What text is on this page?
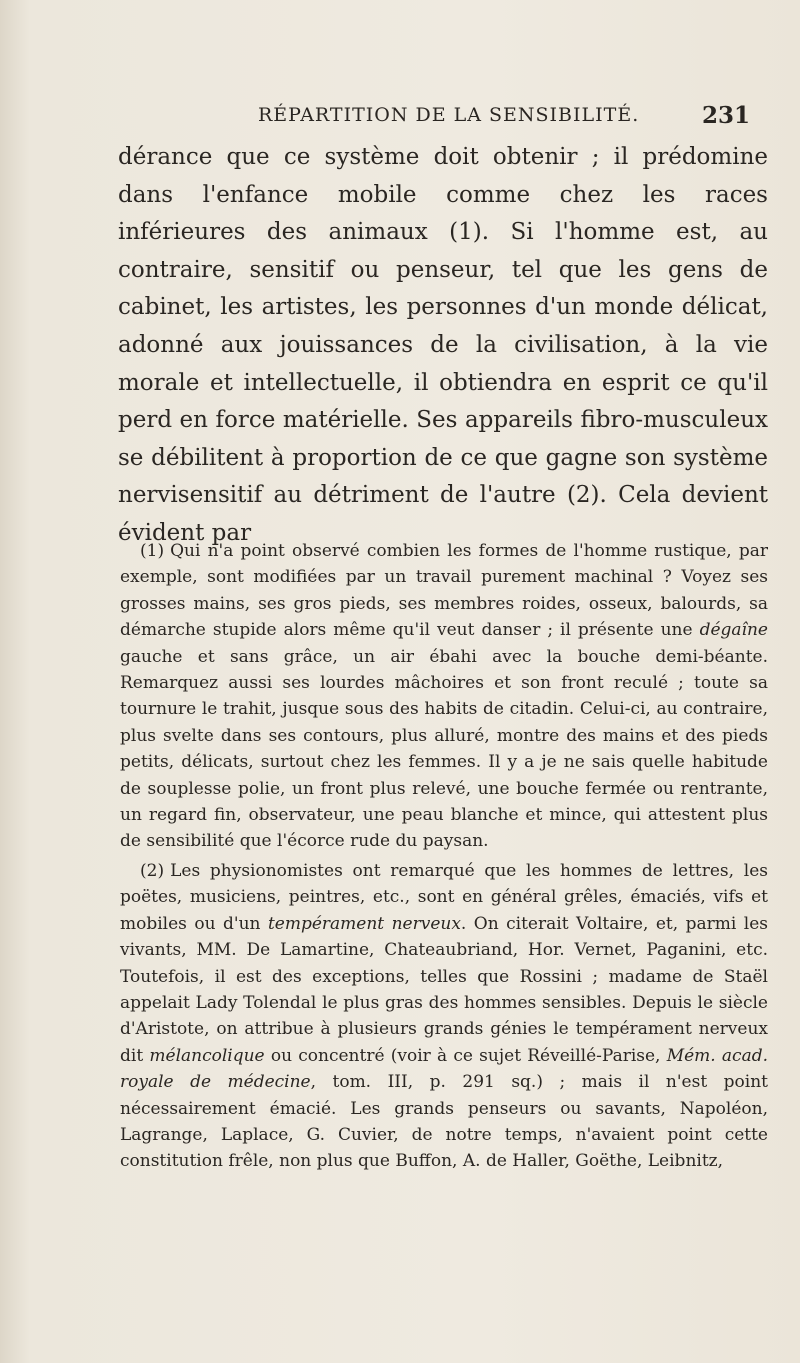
RÉPARTITION DE LA SENSIBILITÉ.	231

dérance que ce système doit obtenir ; il prédomine dans l'enfance mobile comme chez les races inférieures des animaux (1). Si l'homme est, au contraire, sensitif ou penseur, tel que les gens de cabinet, les artistes, les personnes d'un monde délicat, adonné aux jouissances de la civilisation, à la vie morale et intellectuelle, il obtiendra en esprit ce qu'il perd en force matérielle. Ses appareils fibro-musculeux se débilitent à proportion de ce que gagne son système nervisensitif au détriment de l'autre (2). Cela devient évident par

(1) Qui n'a point observé combien les formes de l'homme rustique, par exemple, sont modifiées par un travail purement machinal ? Voyez ses grosses mains, ses gros pieds, ses membres roides, osseux, balourds, sa démarche stupide alors même qu'il veut danser ; il présente une dégaîne gauche et sans grâce, un air ébahi avec la bouche demi-béante. Remarquez aussi ses lourdes mâchoires et son front reculé ; toute sa tournure le trahit, jusque sous des habits de citadin. Celui-ci, au contraire, plus svelte dans ses contours, plus alluré, montre des mains et des pieds petits, délicats, surtout chez les femmes. Il y a je ne sais quelle habitude de souplesse polie, un front plus relevé, une bouche fermée ou rentrante, un regard fin, observateur, une peau blanche et mince, qui attestent plus de sensibilité que l'écorce rude du paysan.

(2) Les physionomistes ont remarqué que les hommes de lettres, les poëtes, musiciens, peintres, etc., sont en général grêles, émaciés, vifs et mobiles ou d'un tempérament nerveux. On citerait Voltaire, et, parmi les vivants, MM. De Lamartine, Chateaubriand, Hor. Vernet, Paganini, etc. Toutefois, il est des exceptions, telles que Rossini ; madame de Staël appelait Lady Tolendal le plus gras des hommes sensibles. Depuis le siècle d'Aristote, on attribue à plusieurs grands génies le tempérament nerveux dit mélancolique ou concentré (voir à ce sujet Réveillé-Parise, Mém. acad. royale de médecine, tom. III, p. 291 sq.) ; mais il n'est point nécessairement émacié. Les grands penseurs ou savants, Napoléon, Lagrange, Laplace, G. Cuvier, de notre temps, n'avaient point cette constitution frêle, non plus que Buffon, A. de Haller, Goëthe, Leibnitz,
